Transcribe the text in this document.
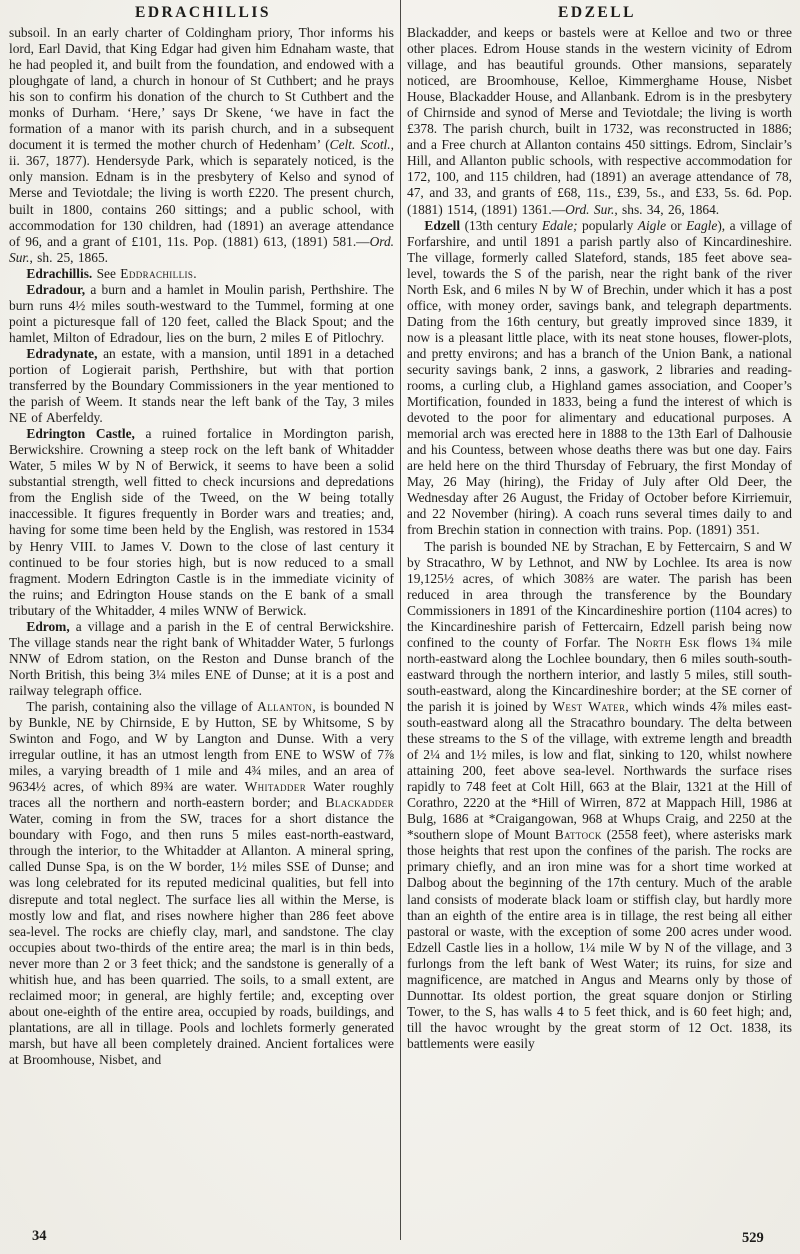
EDRACHILLIS	EDZELL

subsoil. In an early charter of Coldingham priory, Thor informs his lord, Earl David, that King Edgar had given him Ednaham waste, that he had peopled it, and built from the foundation, and endowed with a ploughgate of land, a church in honour of St Cuthbert; and he prays his son to confirm his donation of the church to St Cuthbert and the monks of Durham. ‘Here,’ says Dr Skene, ‘we have in fact the formation of a manor with its parish church, and in a subsequent document it is termed the mother church of Hedenham’ (Celt. Scotl., ii. 367, 1877). Hendersyde Park, which is separately noticed, is the only mansion. Ednam is in the presbytery of Kelso and synod of Merse and Teviotdale; the living is worth £220. The present church, built in 1800, contains 260 sittings; and a public school, with accommodation for 130 children, had (1891) an average attendance of 96, and a grant of £101, 11s. Pop. (1881) 613, (1891) 581.—Ord. Sur., sh. 25, 1865.

Edrachillis. See Eddrachillis.

Edradour, a burn and a hamlet in Moulin parish, Perthshire. The burn runs 4½ miles south-westward to the Tummel, forming at one point a picturesque fall of 120 feet, called the Black Spout; and the hamlet, Milton of Edradour, lies on the burn, 2 miles E of Pitlochry.

Edradynate, an estate, with a mansion, until 1891 in a detached portion of Logierait parish, Perthshire, but with that portion transferred by the Boundary Commissioners in the year mentioned to the parish of Weem. It stands near the left bank of the Tay, 3 miles NE of Aberfeldy.

Edrington Castle, a ruined fortalice in Mordington parish, Berwickshire. Crowning a steep rock on the left bank of Whitadder Water, 5 miles W by N of Berwick, it seems to have been a solid substantial strength, well fitted to check incursions and depredations from the English side of the Tweed, on the W being totally inaccessible. It figures frequently in Border wars and treaties; and, having for some time been held by the English, was restored in 1534 by Henry VIII. to James V. Down to the close of last century it continued to be four stories high, but is now reduced to a small fragment. Modern Edrington Castle is in the immediate vicinity of the ruins; and Edrington House stands on the E bank of a small tributary of the Whitadder, 4 miles WNW of Berwick.

Edrom, a village and a parish in the E of central Berwickshire. The village stands near the right bank of Whitadder Water, 5 furlongs NNW of Edrom station, on the Reston and Dunse branch of the North British, this being 3¼ miles ENE of Dunse; at it is a post and railway telegraph office.

The parish, containing also the village of Allanton, is bounded N by Bunkle, NE by Chirnside, E by Hutton, SE by Whitsome, S by Swinton and Fogo, and W by Langton and Dunse. With a very irregular outline, it has an utmost length from ENE to WSW of 7⅞ miles, a varying breadth of 1 mile and 4¾ miles, and an area of 9634½ acres, of which 89¾ are water. Whitadder Water roughly traces all the northern and north-eastern border; and Blackadder Water, coming in from the SW, traces for a short distance the boundary with Fogo, and then runs 5 miles east-north-eastward, through the interior, to the Whitadder at Allanton. A mineral spring, called Dunse Spa, is on the W border, 1½ miles SSE of Dunse; and was long celebrated for its reputed medicinal qualities, but fell into disrepute and total neglect. The surface lies all within the Merse, is mostly low and flat, and rises nowhere higher than 286 feet above sea-level. The rocks are chiefly clay, marl, and sandstone. The clay occupies about two-thirds of the entire area; the marl is in thin beds, never more than 2 or 3 feet thick; and the sandstone is generally of a whitish hue, and has been quarried. The soils, to a small extent, are reclaimed moor; in general, are highly fertile; and, excepting over about one-eighth of the entire area, occupied by roads, buildings, and plantations, are all in tillage. Pools and lochlets formerly generated marsh, but have all been completely drained. Ancient fortalices were at Broomhouse, Nisbet, and

Blackadder, and keeps or bastels were at Kelloe and two or three other places. Edrom House stands in the western vicinity of Edrom village, and has beautiful grounds. Other mansions, separately noticed, are Broomhouse, Kelloe, Kimmerghame House, Nisbet House, Blackadder House, and Allanbank. Edrom is in the presbytery of Chirnside and synod of Merse and Teviotdale; the living is worth £378. The parish church, built in 1732, was reconstructed in 1886; and a Free church at Allanton contains 450 sittings. Edrom, Sinclair’s Hill, and Allanton public schools, with respective accommodation for 172, 100, and 115 children, had (1891) an average attendance of 78, 47, and 33, and grants of £68, 11s., £39, 5s., and £33, 5s. 6d. Pop. (1881) 1514, (1891) 1361.—Ord. Sur., shs. 34, 26, 1864.

Edzell (13th century Edale; popularly Aigle or Eagle), a village of Forfarshire, and until 1891 a parish partly also of Kincardineshire. The village, formerly called Slateford, stands, 185 feet above sea-level, towards the S of the parish, near the right bank of the river North Esk, and 6 miles N by W of Brechin, under which it has a post office, with money order, savings bank, and telegraph departments. Dating from the 16th century, but greatly improved since 1839, it now is a pleasant little place, with its neat stone houses, flower-plots, and pretty environs; and has a branch of the Union Bank, a national security savings bank, 2 inns, a gaswork, 2 libraries and reading-rooms, a curling club, a Highland games association, and Cooper’s Mortification, founded in 1833, being a fund the interest of which is devoted to the poor for alimentary and educational purposes. A memorial arch was erected here in 1888 to the 13th Earl of Dalhousie and his Countess, between whose deaths there was but one day. Fairs are held here on the third Thursday of February, the first Monday of May, 26 May (hiring), the Friday of July after Old Deer, the Wednesday after 26 August, the Friday of October before Kirriemuir, and 22 November (hiring). A coach runs several times daily to and from Brechin station in connection with trains. Pop. (1891) 351.

The parish is bounded NE by Strachan, E by Fettercairn, S and W by Stracathro, W by Lethnot, and NW by Lochlee. Its area is now 19,125½ acres, of which 308⅔ are water. The parish has been reduced in area through the transference by the Boundary Commissioners in 1891 of the Kincardineshire portion (1104 acres) to the Kincardineshire parish of Fettercairn, Edzell parish being now confined to the county of Forfar. The North Esk flows 1¾ mile north-eastward along the Lochlee boundary, then 6 miles south-south-eastward through the northern interior, and lastly 5 miles, still south-south-eastward, along the Kincardineshire border; at the SE corner of the parish it is joined by West Water, which winds 4⅞ miles east-south-eastward along all the Stracathro boundary. The delta between these streams to the S of the village, with extreme length and breadth of 2¼ and 1½ miles, is low and flat, sinking to 120, whilst nowhere attaining 200, feet above sea-level. Northwards the surface rises rapidly to 748 feet at Colt Hill, 663 at the Blair, 1321 at the Hill of Corathro, 2220 at the *Hill of Wirren, 872 at Mappach Hill, 1986 at Bulg, 1686 at *Craigangowan, 968 at Whups Craig, and 2250 at the *southern slope of Mount Battock (2558 feet), where asterisks mark those heights that rest upon the confines of the parish. The rocks are primary chiefly, and an iron mine was for a short time worked at Dalbog about the beginning of the 17th century. Much of the arable land consists of moderate black loam or stiffish clay, but hardly more than an eighth of the entire area is in tillage, the rest being all either pastoral or waste, with the exception of some 200 acres under wood. Edzell Castle lies in a hollow, 1¼ mile W by N of the village, and 3 furlongs from the left bank of West Water; its ruins, for size and magnificence, are matched in Angus and Mearns only by those of Dunnottar. Its oldest portion, the great square donjon or Stirling Tower, to the S, has walls 4 to 5 feet thick, and is 60 feet high; and, till the havoc wrought by the great storm of 12 Oct. 1838, its battlements were easily

34	529
